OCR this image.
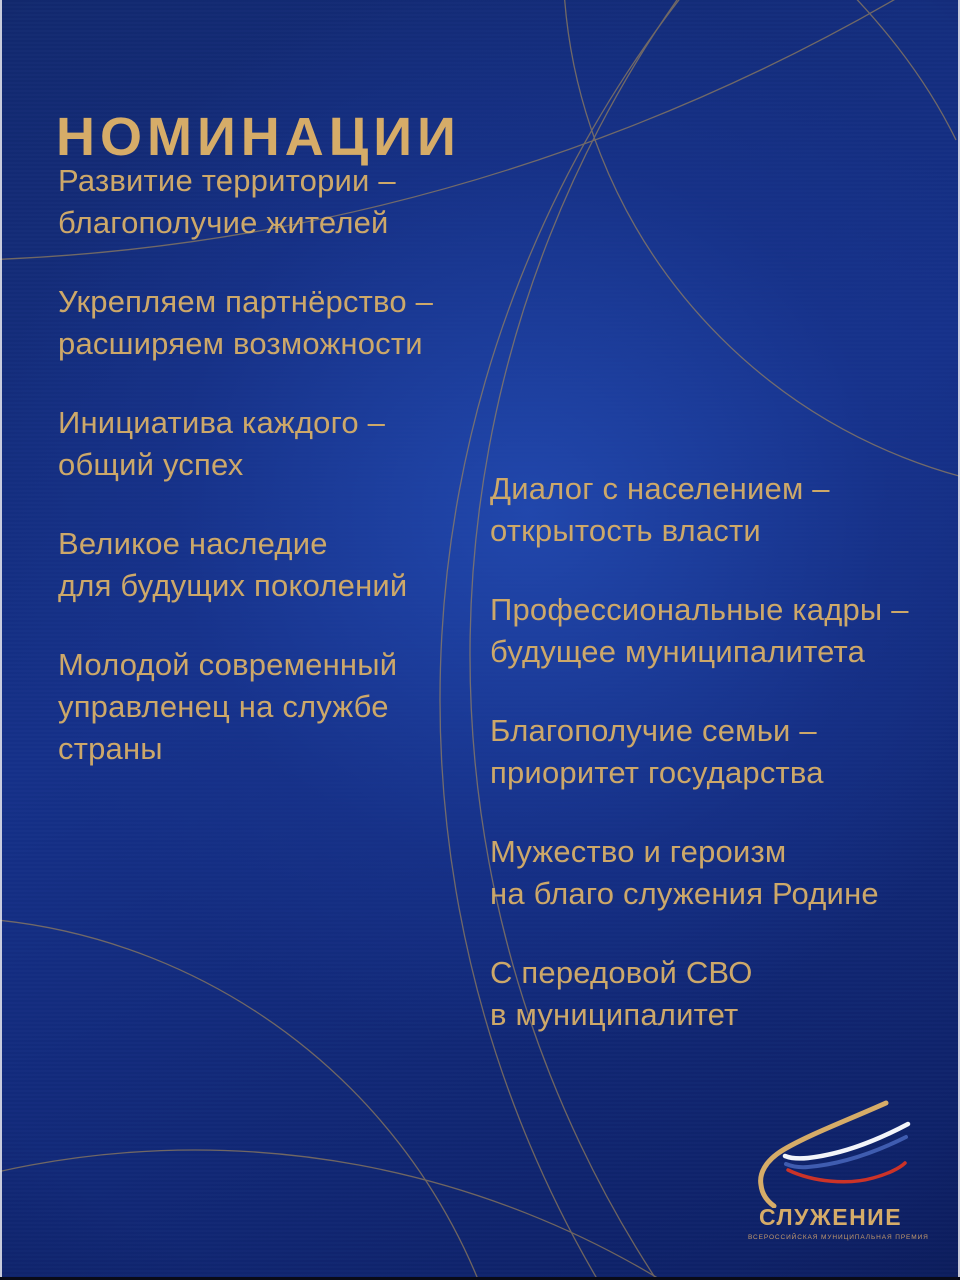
НОМИНАЦИИ
Развитие территории –
благополучие жителей
Укрепляем партнёрство –
расширяем возможности
Инициатива каждого –
общий успех
Великое наследие
для будущих поколений
Молодой современный
управленец на службе
страны
Диалог с населением –
открытость власти
Профессиональные кадры –
будущее муниципалитета
Благополучие семьи –
приоритет государства
Мужество и героизм
на благо служения Родине
С передовой СВО
в муниципалитет
СЛУЖЕНИЕ
ВСЕРОССИЙСКАЯ МУНИЦИПАЛЬНАЯ ПРЕМИЯ
